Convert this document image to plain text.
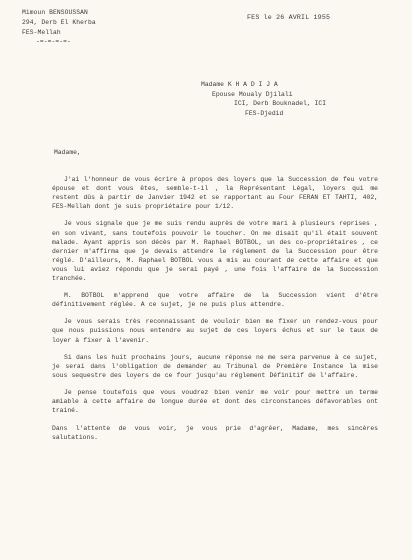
Mimoun BENSOUSSAN
294, Derb El Kherba
FES-Mellah
-=-=-=-=-
FES le 26 AVRIL 1955
Madame K H A D I J A
Epouse Moualy Djilali
ICI, Derb Bouknadel, ICI
FES-Djedid
Madame,
J'ai l'honneur de vous écrire à propos des loyers que la Succession de feu votre épouse et dont vous êtes, semble-t-il , la Représentant Légal, loyers qui me restent dûs à partir de Janvier 1942 et se rapportant au Four FERAN ET TAHTI, 402, FES-Mellah dont je suis propriétaire pour 1/12.
Je vous signale que je me suis rendu auprès de votre mari à plusieurs reprises , en son vivant, sans toutefois pouvoir le toucher. On me disait qu'il était souvent malade. Ayant appris son décès par M. Raphael BOTBOL, un des co-propriétaires , ce dernier m'affirma que je devais attendre le réglement de la Succession pour être réglé. D'ailleurs, M. Raphael BOTBOL vous a mis au courant de cette affaire et que vous lui aviez répondu que je serai payé , une fois l'affaire de la Succession tranchée.
M. BOTBOL m'apprend que votre affaire de la Succession vient d'être définitivement réglée. A ce sujet, je ne puis plus attendre.
Je vous serais très reconnaissant de vouloir bien me fixer un rendez-vous pour que nous puissions nous entendre au sujet de ces loyers échus et sur le taux de loyer à fixer à l'avenir.
Si dans les huit prochains jours, aucune réponse ne me sera parvenue à ce sujet, je serai dans l'obligation de demander au Tribunal de Première Instance la mise sous sequestre des loyers de ce four jusqu'au réglement Définitif de l'affaire.
Je pense toutefois que vous voudrez bien venir me voir pour mettre un terme amiable à cette affaire de longue durée et dont des circonstances défavorables ont trainé.
Dans l'attente de vous voir, je vous prie d'agréer, Madame, mes sincères salutations.
